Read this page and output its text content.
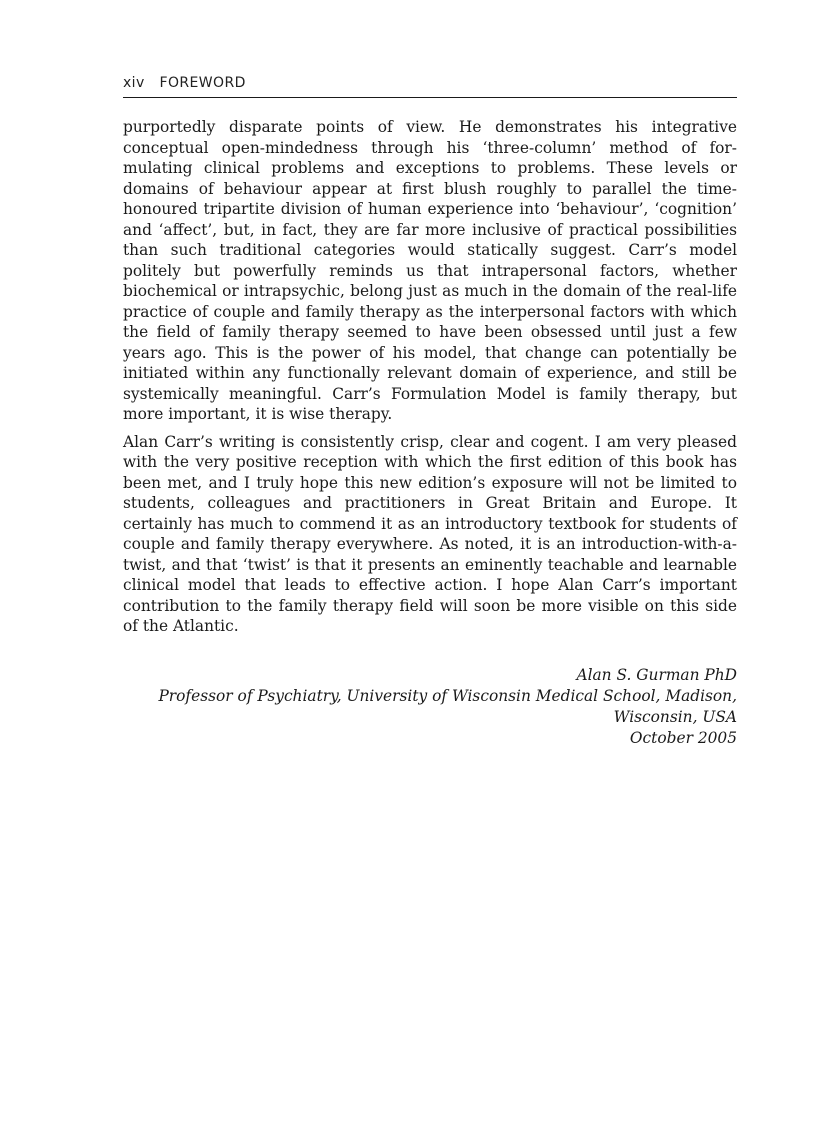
xiv FOREWORD

purportedly disparate points of view. He demonstrates his integrative conceptual open-mindedness through his ‘three-column’ method of formulating clinical problems and exceptions to problems. These levels or domains of behaviour appear at first blush roughly to parallel the timehonoured tripartite division of human experience into ‘behaviour’, ‘cognition’ and ‘affect’, but, in fact, they are far more inclusive of practical possibilities than such traditional categories would statically suggest. Carr’s model politely but powerfully reminds us that intrapersonal factors, whether biochemical or intrapsychic, belong just as much in the domain of the real-life practice of couple and family therapy as the interpersonal factors with which the field of family therapy seemed to have been obsessed until just a few years ago. This is the power of his model, that change can potentially be initiated within any functionally relevant domain of experience, and still be systemically meaningful. Carr’s Formulation Model is family therapy, but more important, it is wise therapy.

Alan Carr’s writing is consistently crisp, clear and cogent. I am very pleased with the very positive reception with which the first edition of this book has been met, and I truly hope this new edition’s exposure will not be limited to students, colleagues and practitioners in Great Britain and Europe. It certainly has much to commend it as an introductory textbook for students of couple and family therapy everywhere. As noted, it is an introduction-with-a-twist, and that ‘twist’ is that it presents an eminently teachable and learnable clinical model that leads to effective action. I hope Alan Carr’s important contribution to the family therapy field will soon be more visible on this side of the Atlantic.

Alan S. Gurman PhD
Professor of Psychiatry, University of Wisconsin Medical School, Madison,
Wisconsin, USA
October 2005
